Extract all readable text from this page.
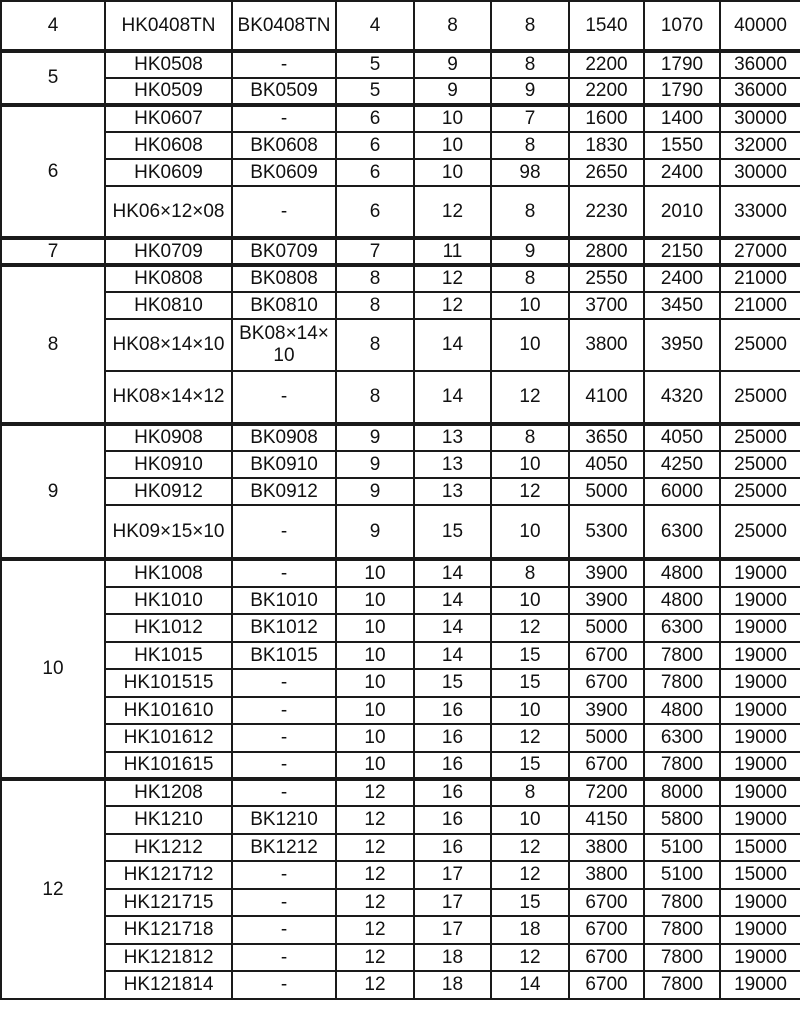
4	HK0408TN	BK0408TN	4	8	8	1540	1070	40000
5	HK0508	-	5	9	8	2200	1790	36000
	HK0509	BK0509	5	9	9	2200	1790	36000
6	HK0607	-	6	10	7	1600	1400	30000
	HK0608	BK0608	6	10	8	1830	1550	32000
	HK0609	BK0609	6	10	98	2650	2400	30000
	HK06×12×08	-	6	12	8	2230	2010	33000
7	HK0709	BK0709	7	11	9	2800	2150	27000
8	HK0808	BK0808	8	12	8	2550	2400	21000
	HK0810	BK0810	8	12	10	3700	3450	21000
	HK08×14×10	BK08×14×10	8	14	10	3800	3950	25000
	HK08×14×12	-	8	14	12	4100	4320	25000
9	HK0908	BK0908	9	13	8	3650	4050	25000
	HK0910	BK0910	9	13	10	4050	4250	25000
	HK0912	BK0912	9	13	12	5000	6000	25000
	HK09×15×10	-	9	15	10	5300	6300	25000
10	HK1008	-	10	14	8	3900	4800	19000
	HK1010	BK1010	10	14	10	3900	4800	19000
	HK1012	BK1012	10	14	12	5000	6300	19000
	HK1015	BK1015	10	14	15	6700	7800	19000
	HK101515	-	10	15	15	6700	7800	19000
	HK101610	-	10	16	10	3900	4800	19000
	HK101612	-	10	16	12	5000	6300	19000
	HK101615	-	10	16	15	6700	7800	19000
12	HK1208	-	12	16	8	7200	8000	19000
	HK1210	BK1210	12	16	10	4150	5800	19000
	HK1212	BK1212	12	16	12	3800	5100	15000
	HK121712	-	12	17	12	3800	5100	15000
	HK121715	-	12	17	15	6700	7800	19000
	HK121718	-	12	17	18	6700	7800	19000
	HK121812	-	12	18	12	6700	7800	19000
	HK121814	-	12	18	14	6700	7800	19000
